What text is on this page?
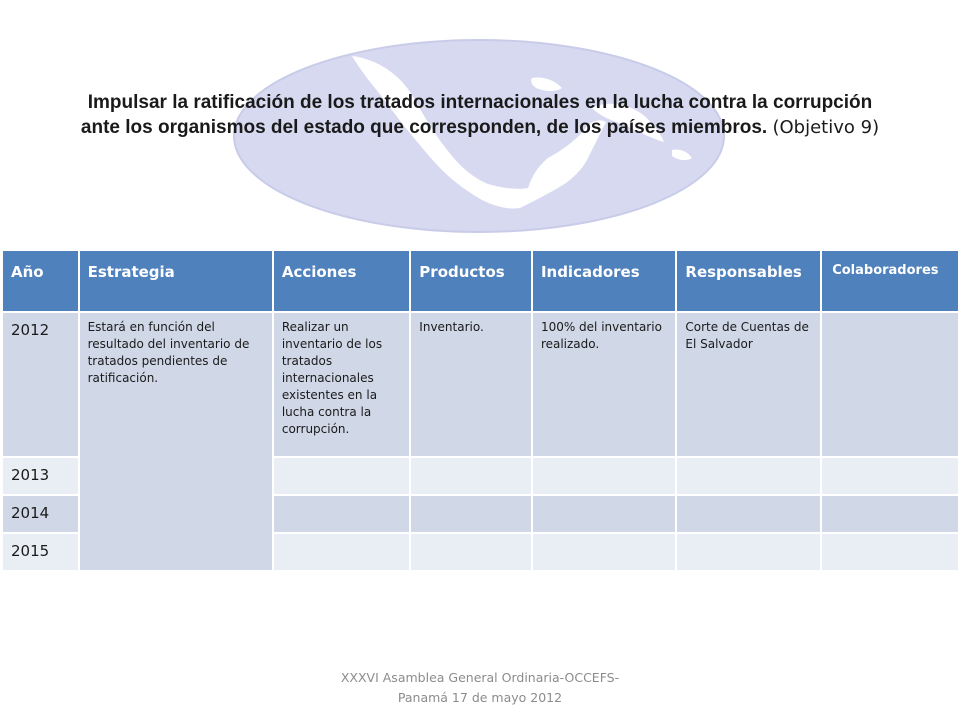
Impulsar la ratificación de los tratados internacionales en la lucha contra la corrupción ante los organismos del estado que corresponden, de los países miembros. (Objetivo 9)
Año	Estrategia	Acciones	Productos	Indicadores	Responsables	Colaboradores
2012	Estará en función del resultado del inventario de tratados pendientes de ratificación.	Realizar un inventario de los tratados internacionales existentes en la lucha contra la corrupción.	Inventario.	100% del inventario realizado.	Corte de Cuentas de El Salvador	
2013						
2014						
2015						
XXXVI Asamblea General Ordinaria-OCCEFS-
Panamá 17 de mayo 2012
